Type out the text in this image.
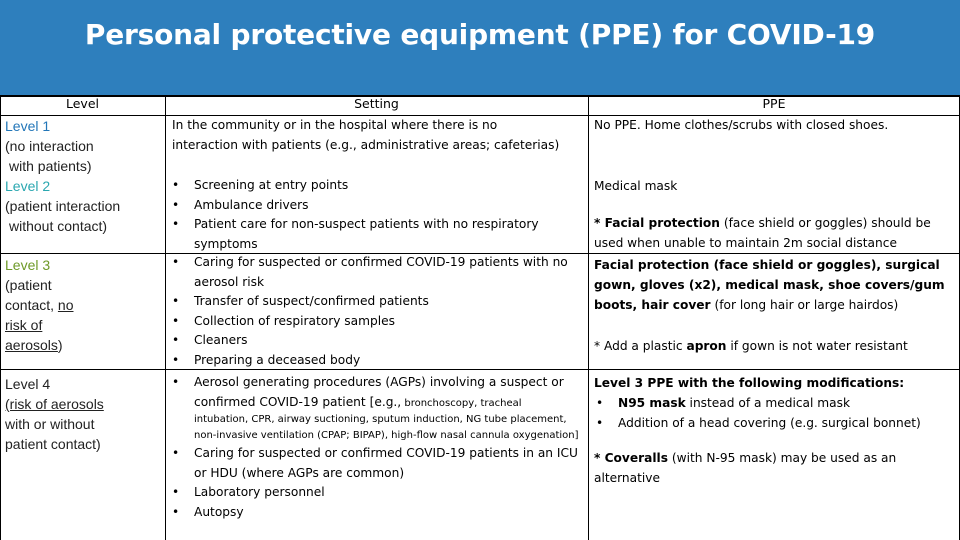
Personal protective equipment (PPE) for COVID-19
Level	Setting	PPE
Level 1
(no interaction
with patients)
Level 2
(patient interaction
without contact)
Level 3
(patient
contact, no
risk of
aerosols)
Level 4
(risk of aerosols
with or without
patient contact)
In the community or in the hospital where there is no
interaction with patients (e.g., administrative areas; cafeterias)
• Screening at entry points
• Ambulance drivers
• Patient care for non-suspect patients with no respiratory symptoms
• Caring for suspected or confirmed COVID-19 patients with no aerosol risk
• Transfer of suspect/confirmed patients
• Collection of respiratory samples
• Cleaners
• Preparing a deceased body
• Aerosol generating procedures (AGPs) involving a suspect or confirmed COVID-19 patient [e.g., bronchoscopy, tracheal
intubation, CPR, airway suctioning, sputum induction, NG tube placement, non-invasive ventilation (CPAP; BIPAP), high-flow nasal cannula oxygenation]
• Caring for suspected or confirmed COVID-19 patients in an ICU or HDU (where AGPs are common)
• Laboratory personnel
• Autopsy
No PPE. Home clothes/scrubs with closed shoes.

Medical mask

* Facial protection (face shield or goggles) should be used when unable to maintain 2m social distance

Facial protection (face shield or goggles), surgical gown, gloves (x2), medical mask, shoe covers/gum boots, hair cover (for long hair or large hairdos)

* Add a plastic apron if gown is not water resistant

Level 3 PPE with the following modifications:

• N95 mask instead of a medical mask
• Addition of a head covering (e.g. surgical bonnet)

* Coveralls (with N-95 mask) may be used as an alternative
